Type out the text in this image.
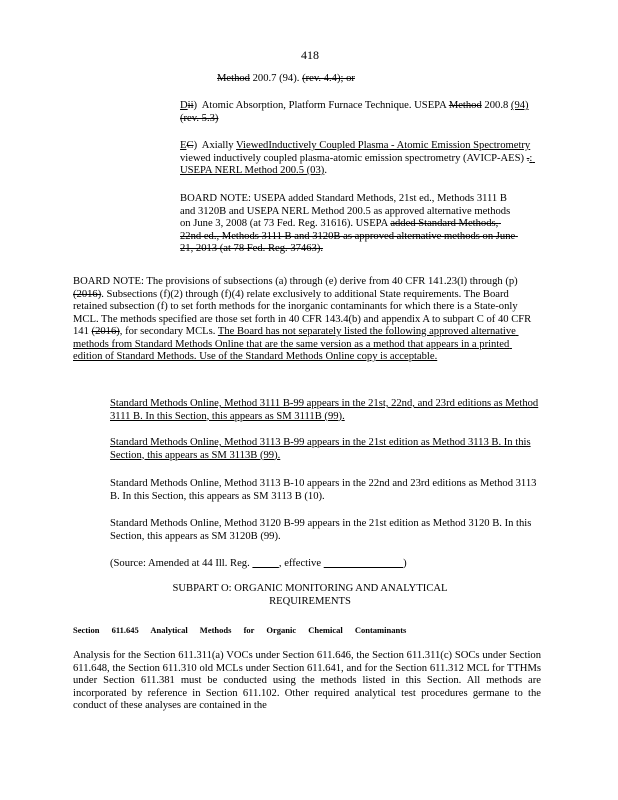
418
Method 200.7 (94). (rev. 4.4); or
Dii)  Atomic Absorption, Platform Furnace Technique. USEPA Method 200.8 (94) (rev. 5.3)
EC)  Axially ViewedInductively Coupled Plasma - Atomic Emission Spectrometry viewed inductively coupled plasma-atomic emission spectrometry (AVICP-AES) .: USEPA NERL Method 200.5 (03).
BOARD NOTE: USEPA added Standard Methods, 21st ed., Methods 3111 B and 3120B and USEPA NERL Method 200.5 as approved alternative methods on June 3, 2008 (at 73 Fed. Reg. 31616). USEPA added Standard Methods, 22nd ed., Methods 3111 B and 3120B as approved alternative methods on June 21, 2013 (at 78 Fed. Reg. 37463).
BOARD NOTE: The provisions of subsections (a) through (e) derive from 40 CFR 141.23(l) through (p) (2016). Subsections (f)(2) through (f)(4) relate exclusively to additional State requirements. The Board retained subsection (f) to set forth methods for the inorganic contaminants for which there is a State-only MCL. The methods specified are those set forth in 40 CFR 143.4(b) and appendix A to subpart C of 40 CFR 141 (2016), for secondary MCLs. The Board has not separately listed the following approved alternative methods from Standard Methods Online that are the same version as a method that appears in a printed edition of Standard Methods. Use of the Standard Methods Online copy is acceptable.
Standard Methods Online, Method 3111 B-99 appears in the 21st, 22nd, and 23rd editions as Method 3111 B. In this Section, this appears as SM 3111B (99).
Standard Methods Online, Method 3113 B-99 appears in the 21st edition as Method 3113 B. In this Section, this appears as SM 3113B (99).
Standard Methods Online, Method 3113 B-10 appears in the 22nd and 23rd editions as Method 3113 B. In this Section, this appears as SM 3113 B (10).
Standard Methods Online, Method 3120 B-99 appears in the 21st edition as Method 3120 B. In this Section, this appears as SM 3120B (99).
(Source: Amended at 44 Ill. Reg.           , effective	)
SUBPART O: ORGANIC MONITORING AND ANALYTICAL
REQUIREMENTS
Section 611.645 Analytical Methods for Organic Chemical Contaminants
Analysis for the Section 611.311(a) VOCs under Section 611.646, the Section 611.311(c) SOCs under Section 611.648, the Section 611.310 old MCLs under Section 611.641, and for the Section 611.312 MCL for TTHMs under Section 611.381 must be conducted using the methods listed in this Section. All methods are incorporated by reference in Section 611.102. Other required analytical test procedures germane to the conduct of these analyses are contained in the
